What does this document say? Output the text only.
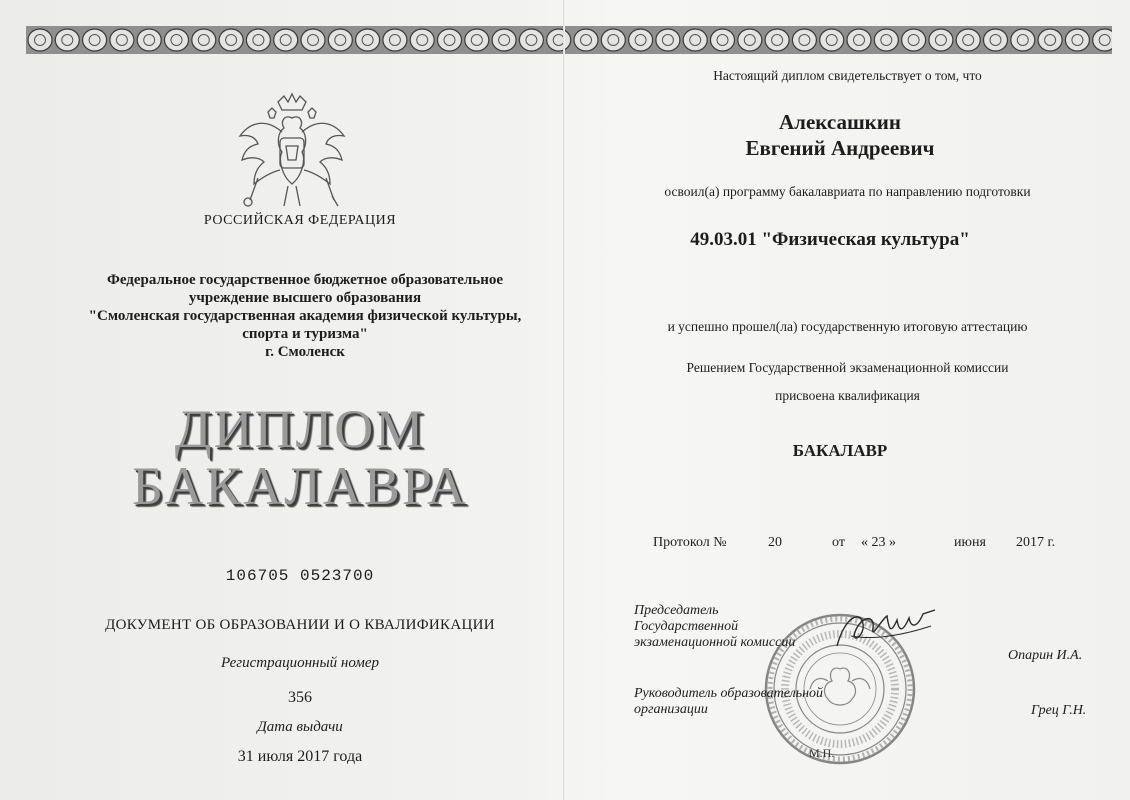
РОССИЙСКАЯ ФЕДЕРАЦИЯ
Федеральное государственное бюджетное образовательное
учреждение высшего образования
"Смоленская государственная академия физической культуры,
спорта и туризма"
г. Смоленск
ДИПЛОМ
БАКАЛАВРА
106705 0523700
ДОКУМЕНТ ОБ ОБРАЗОВАНИИ И О КВАЛИФИКАЦИИ
Регистрационный номер
356
Дата выдачи
31 июля 2017 года
Настоящий диплом свидетельствует о том, что
Алексашкин
Евгений Андреевич
освоил(а) программу бакалавриата по направлению подготовки
49.03.01 "Физическая культура"
и успешно прошел(ла) государственную итоговую аттестацию
Решением Государственной экзаменационной комиссии
присвоена квалификация
БАКАЛАВР
Протокол №	20	от « 23 »	июня 2017 г.
Председатель
Государственной
экзаменационной комиссии
Опарин И.А.
Руководитель образовательной
организации	Грец Г.Н.
М.П.
